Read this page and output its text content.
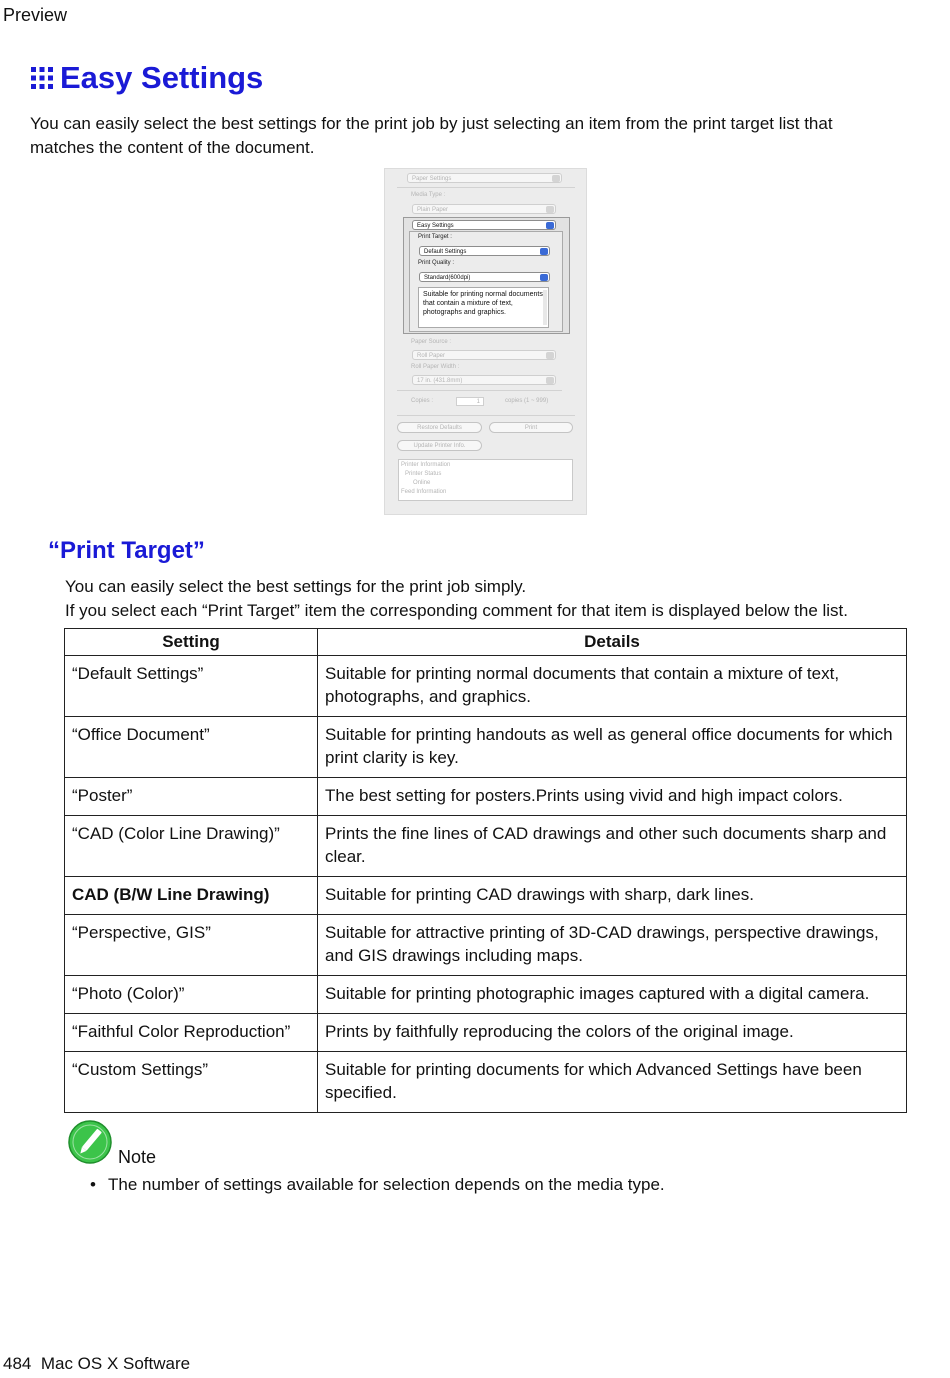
Preview
Easy Settings
You can easily select the best settings for the print job by just selecting an item from the print target list that matches the content of the document.
Paper Settings
Media Type :
Plain Paper
Easy Settings
Print Target :
Default Settings
Print Quality :
Standard(600dpi)
Suitable for printing normal documents that contain a mixture of text, photographs and graphics.
Paper Source :
Roll Paper
Roll Paper Width :
17 in. (431.8mm)
Copies :	1	copies (1 ~ 999)
Restore Defaults	Print
Update Printer Info.
Printer Information
Printer Status
Online
Feed Information
“Print Target”
You can easily select the best settings for the print job simply.
If you select each “Print Target” item the corresponding comment for that item is displayed below the list.
Setting	Details
“Default Settings”	Suitable for printing normal documents that contain a mixture of text, photographs, and graphics.
“Office Document”	Suitable for printing handouts as well as general office documents for which print clarity is key.
“Poster”	The best setting for posters.Prints using vivid and high impact colors.
“CAD (Color Line Drawing)”	Prints the fine lines of CAD drawings and other such documents sharp and clear.
CAD (B/W Line Drawing)	Suitable for printing CAD drawings with sharp, dark lines.
“Perspective, GIS”	Suitable for attractive printing of 3D-CAD drawings, perspective drawings, and GIS drawings including maps.
“Photo (Color)”	Suitable for printing photographic images captured with a digital camera.
“Faithful Color Reproduction”	Prints by faithfully reproducing the colors of the original image.
“Custom Settings”	Suitable for printing documents for which Advanced Settings have been specified.
Note
• The number of settings available for selection depends on the media type.
484 Mac OS X Software
